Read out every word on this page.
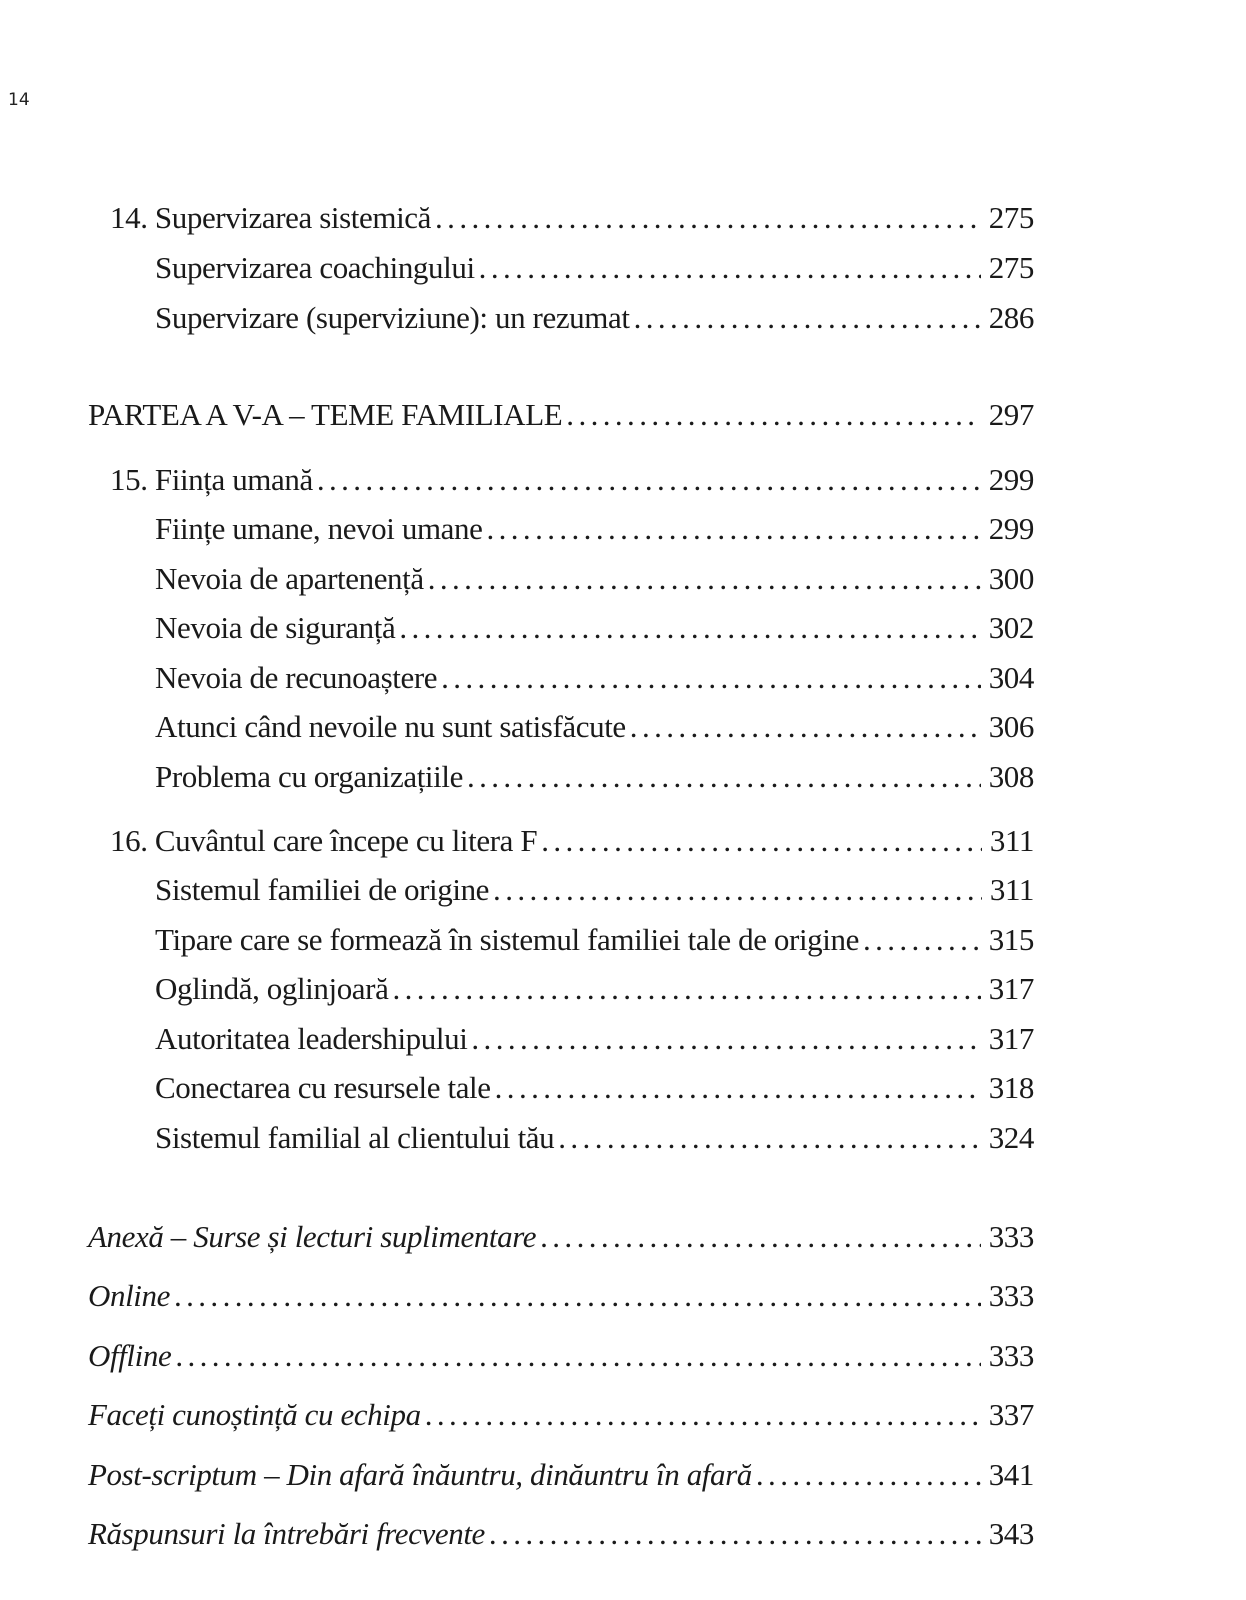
14
14. Supervizarea sistemică .....	275
Supervizarea coachingului .....	275
Supervizare (superviziune): un rezumat .....	286
PARTEA A V-A – TEME FAMILIALE .....	297
15. Ființa umană .....	299
Ființe umane, nevoi umane .....	299
Nevoia de apartenență .....	300
Nevoia de siguranță .....	302
Nevoia de recunoaștere .....	304
Atunci când nevoile nu sunt satisfăcute .....	306
Problema cu organizațiile .....	308
16. Cuvântul care începe cu litera F .....	311
Sistemul familiei de origine .....	311
Tipare care se formează în sistemul familiei tale de origine .....	315
Oglindă, oglinjoară .....	317
Autoritatea leadershipului .....	317
Conectarea cu resursele tale .....	318
Sistemul familial al clientului tău .....	324
Anexă – Surse și lecturi suplimentare .....	333
Online .....	333
Offline .....	333
Faceți cunoștință cu echipa .....	337
Post-scriptum – Din afară înăuntru, dinăuntru în afară .....	341
Răspunsuri la întrebări frecvente .....	343
